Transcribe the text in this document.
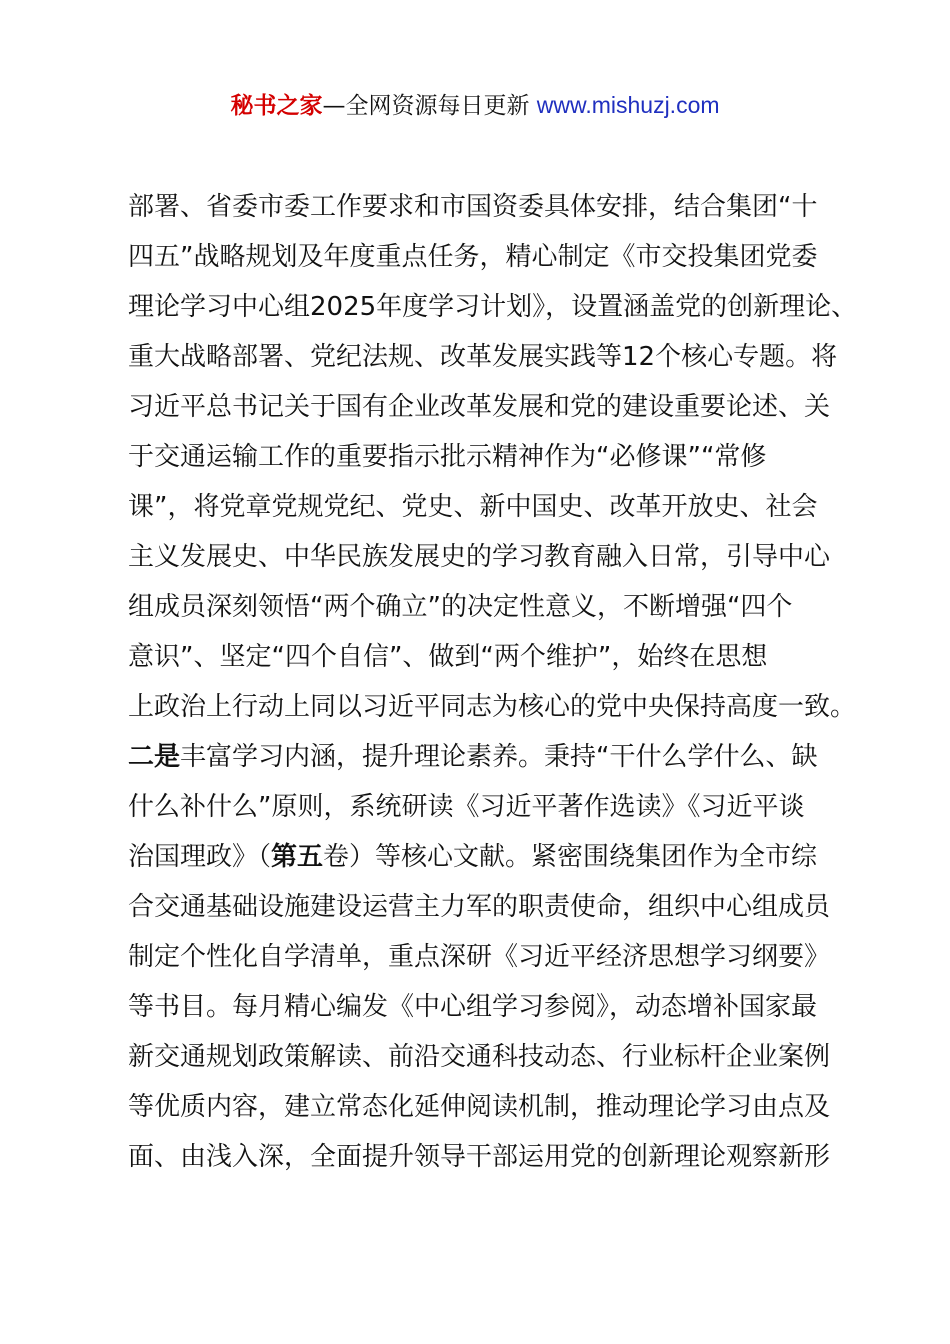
秘书之家—全网资源每日更新 www.mishuzj.com
部署、省委市委工作要求和市国资委具体安排，结合集团“十
四五”战略规划及年度重点任务，精心制定《市交投集团党委
理论学习中心组2025年度学习计划》，设置涵盖党的创新理论、
重大战略部署、党纪法规、改革发展实践等12个核心专题。将
习近平总书记关于国有企业改革发展和党的建设重要论述、关
于交通运输工作的重要指示批示精神作为“必修课”“常修
课”，将党章党规党纪、党史、新中国史、改革开放史、社会
主义发展史、中华民族发展史的学习教育融入日常，引导中心
组成员深刻领悟“两个确立”的决定性意义，不断增强“四个
意识”、坚定“四个自信”、做到“两个维护”，始终在思想
上政治上行动上同以习近平同志为核心的党中央保持高度一致。
二是丰富学习内涵，提升理论素养。秉持“干什么学什么、缺
什么补什么”原则，系统研读《习近平著作选读》《习近平谈
治国理政》（第五卷）等核心文献。紧密围绕集团作为全市综
合交通基础设施建设运营主力军的职责使命，组织中心组成员
制定个性化自学清单，重点深研《习近平经济思想学习纲要》
等书目。每月精心编发《中心组学习参阅》，动态增补国家最
新交通规划政策解读、前沿交通科技动态、行业标杆企业案例
等优质内容，建立常态化延伸阅读机制，推动理论学习由点及
面、由浅入深，全面提升领导干部运用党的创新理论观察新形
